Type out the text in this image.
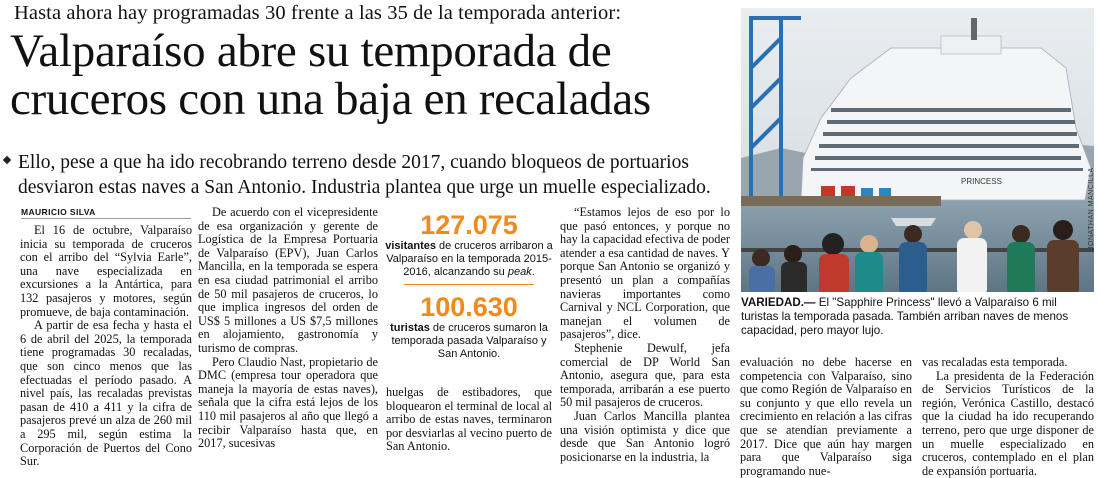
Hasta ahora hay programadas 30 frente a las 35 de la temporada anterior:
Valparaíso abre su temporada de
cruceros con una baja en recaladas
Ello, pese a que ha ido recobrando terreno desde 2017, cuando bloqueos de portuarios desviaron estas naves a San Antonio. Industria plantea que urge un muelle especializado.
MAURICIO SILVA

El 16 de octubre, Valparaíso inicia su temporada de cruceros con el arribo del “Sylvia Earle”, una nave especializada en excursiones a la Antártica, para 132 pasajeros y motores, según promueve, de baja contaminación.

A partir de esa fecha y hasta el 6 de abril del 2025, la temporada tiene programadas 30 recaladas, que son cinco menos que las efectuadas el período pasado. A nivel país, las recaladas previstas pasan de 410 a 411 y la cifra de pasajeros prevé un alza de 260 mil a 295 mil, según estima la Corporación de Puertos del Cono Sur.

De acuerdo con el vicepresidente de esa organización y gerente de Logística de la Empresa Portuaria de Valparaíso (EPV), Juan Carlos Mancilla, en la temporada se espera en esa ciudad patrimonial el arribo de 50 mil pasajeros de cruceros, lo que implica ingresos del orden de US$ 5 millones a US $7,5 millones en alojamiento, gastronomía y turismo de compras.

Pero Claudio Nast, propietario de DMC (empresa tour operadora que maneja la mayoría de estas naves), señala que la cifra está lejos de los 110 mil pasajeros al año que llegó a recibir Valparaíso hasta que, en 2017, sucesivas

huelgas de estibadores, que bloquearon el terminal de local al arribo de estas naves, terminaron por desviarlas al vecino puerto de San Antonio.

127.075
visitantes de cruceros arribaron a Valparaíso en la temporada 2015-2016, alcanzando su peak.
100.630
turistas de cruceros sumaron la temporada pasada Valparaíso y San Antonio.

“Estamos lejos de eso por lo que pasó entonces, y porque no hay la capacidad efectiva de poder atender a esa cantidad de naves. Y porque San Antonio se organizó y presentó un plan a compañías navieras importantes como Carnival y NCL Corporation, que manejan el volumen de pasajeros”, dice.

Stephenie Dewulf, jefa comercial de DP World San Antonio, asegura que, para esta temporada, arribarán a ese puerto 50 mil pasajeros de cruceros.

Juan Carlos Mancilla plantea una visión optimista y dice que desde que San Antonio logró posicionarse en la industria, la

PRINCESS	JONATHAN MANCILLA
VARIEDAD.— El "Sapphire Princess" llevó a Valparaíso 6 mil turistas la temporada pasada. También arriban naves de menos capacidad, pero mayor lujo.

evaluación no debe hacerse en competencia con Valparaíso, sino que como Región de Valparaíso en su conjunto y que ello revela un crecimiento en relación a las cifras que se atendían previamente a 2017. Dice que aún hay margen para que Valparaíso siga programando nue-

vas recaladas esta temporada.

La presidenta de la Federación de Servicios Turísticos de la región, Verónica Castillo, destacó que la ciudad ha ido recuperando terreno, pero que urge disponer de un muelle especializado en cruceros, contemplado en el plan de expansión portuaria.
